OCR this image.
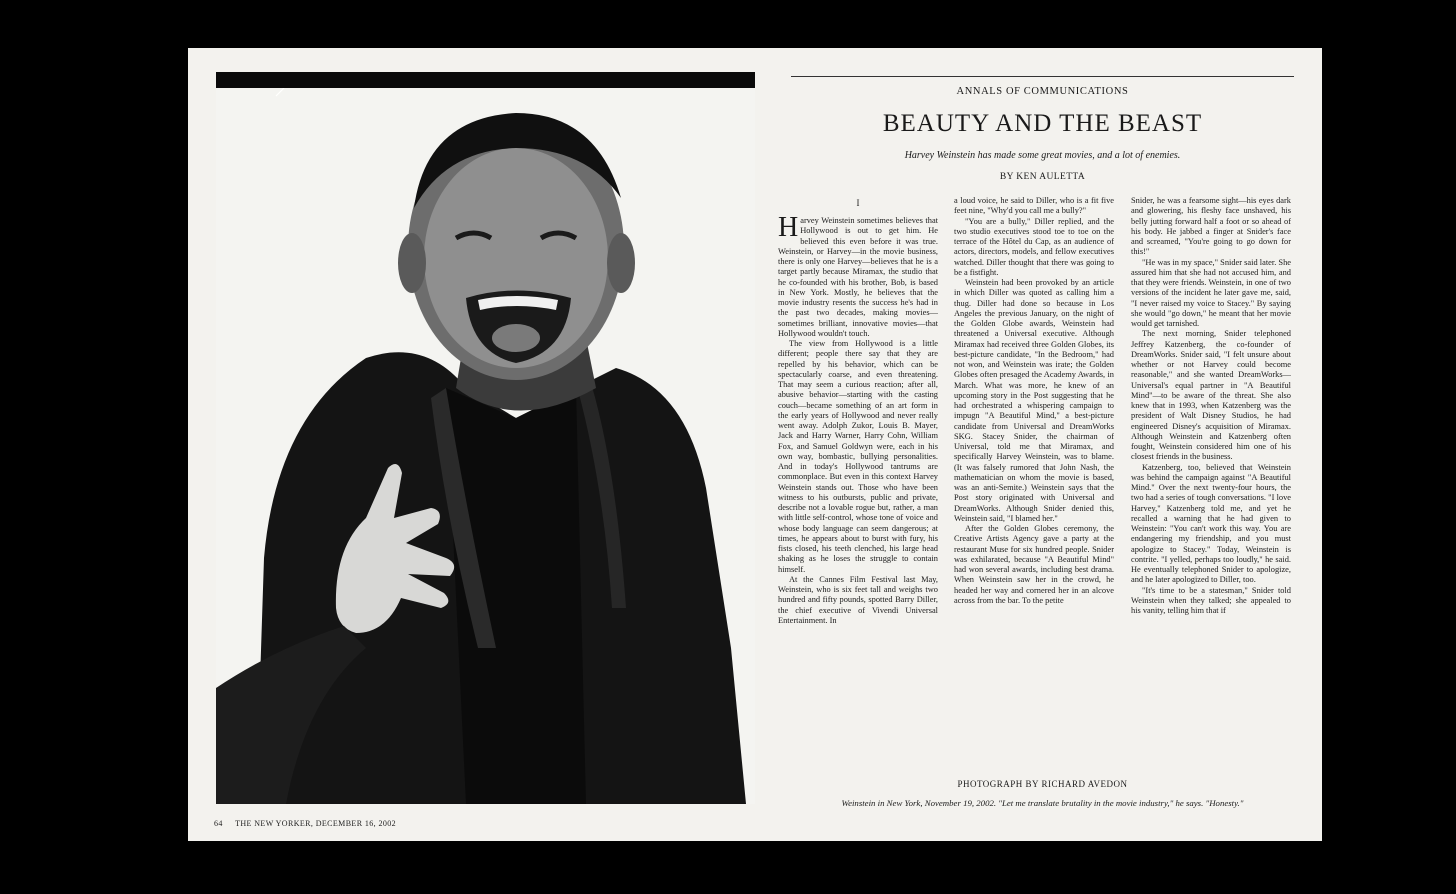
64 THE NEW YORKER, DECEMBER 16, 2002
ANNALS OF COMMUNICATIONS
BEAUTY AND THE BEAST
Harvey Weinstein has made some great movies, and a lot of enemies.
BY KEN AULETTA
I

Harvey Weinstein sometimes believes that Hollywood is out to get him. He believed this even before it was true. Weinstein, or Harvey—in the movie business, there is only one Harvey—believes that he is a target partly because Miramax, the studio that he co-founded with his brother, Bob, is based in New York. Mostly, he believes that the movie industry resents the success he's had in the past two decades, making movies—sometimes brilliant, innovative movies—that Hollywood wouldn't touch.

The view from Hollywood is a little different; people there say that they are repelled by his behavior, which can be spectacularly coarse, and even threatening. That may seem a curious reaction; after all, abusive behavior—starting with the casting couch—became something of an art form in the early years of Hollywood and never really went away. Adolph Zukor, Louis B. Mayer, Jack and Harry Warner, Harry Cohn, William Fox, and Samuel Goldwyn were, each in his own way, bombastic, bullying personalities. And in today's Hollywood tantrums are commonplace. But even in this context Harvey Weinstein stands out. Those who have been witness to his outbursts, public and private, describe not a lovable rogue but, rather, a man with little self-control, whose tone of voice and whose body language can seem dangerous; at times, he appears about to burst with fury, his fists closed, his teeth clenched, his large head shaking as he loses the struggle to contain himself.

At the Cannes Film Festival last May, Weinstein, who is six feet tall and weighs two hundred and fifty pounds, spotted Barry Diller, the chief executive of Vivendi Universal Entertainment. In

a loud voice, he said to Diller, who is a fit five feet nine, "Why'd you call me a bully?"

"You are a bully," Diller replied, and the two studio executives stood toe to toe on the terrace of the Hôtel du Cap, as an audience of actors, directors, models, and fellow executives watched. Diller thought that there was going to be a fistfight.

Weinstein had been provoked by an article in which Diller was quoted as calling him a thug. Diller had done so because in Los Angeles the previous January, on the night of the Golden Globe awards, Weinstein had threatened a Universal executive. Although Miramax had received three Golden Globes, its best-picture candidate, "In the Bedroom," had not won, and Weinstein was irate; the Golden Globes often presaged the Academy Awards, in March. What was more, he knew of an upcoming story in the Post suggesting that he had orchestrated a whispering campaign to impugn "A Beautiful Mind," a best-picture candidate from Universal and DreamWorks SKG. Stacey Snider, the chairman of Universal, told me that Miramax, and specifically Harvey Weinstein, was to blame. (It was falsely rumored that John Nash, the mathematician on whom the movie is based, was an anti-Semite.) Weinstein says that the Post story originated with Universal and DreamWorks. Although Snider denied this, Weinstein said, "I blamed her."

After the Golden Globes ceremony, the Creative Artists Agency gave a party at the restaurant Muse for six hundred people. Snider was exhilarated, because "A Beautiful Mind" had won several awards, including best drama. When Weinstein saw her in the crowd, he headed her way and cornered her in an alcove across from the bar. To the petite

Snider, he was a fearsome sight—his eyes dark and glowering, his fleshy face unshaved, his belly jutting forward half a foot or so ahead of his body. He jabbed a finger at Snider's face and screamed, "You're going to go down for this!"

"He was in my space," Snider said later. She assured him that she had not accused him, and that they were friends. Weinstein, in one of two versions of the incident he later gave me, said, "I never raised my voice to Stacey." By saying she would "go down," he meant that her movie would get tarnished.

The next morning, Snider telephoned Jeffrey Katzenberg, the co-founder of DreamWorks. Snider said, "I felt unsure about whether or not Harvey could become reasonable," and she wanted DreamWorks—Universal's equal partner in "A Beautiful Mind"—to be aware of the threat. She also knew that in 1993, when Katzenberg was the president of Walt Disney Studios, he had engineered Disney's acquisition of Miramax. Although Weinstein and Katzenberg often fought, Weinstein considered him one of his closest friends in the business.

Katzenberg, too, believed that Weinstein was behind the campaign against "A Beautiful Mind." Over the next twenty-four hours, the two had a series of tough conversations. "I love Harvey," Katzenberg told me, and yet he recalled a warning that he had given to Weinstein: "You can't work this way. You are endangering my friendship, and you must apologize to Stacey." Today, Weinstein is contrite. "I yelled, perhaps too loudly," he said. He eventually telephoned Snider to apologize, and he later apologized to Diller, too.

"It's time to be a statesman," Snider told Weinstein when they talked; she appealed to his vanity, telling him that if

PHOTOGRAPH BY RICHARD AVEDON
Weinstein in New York, November 19, 2002. "Let me translate brutality in the movie industry," he says. "Honesty."
